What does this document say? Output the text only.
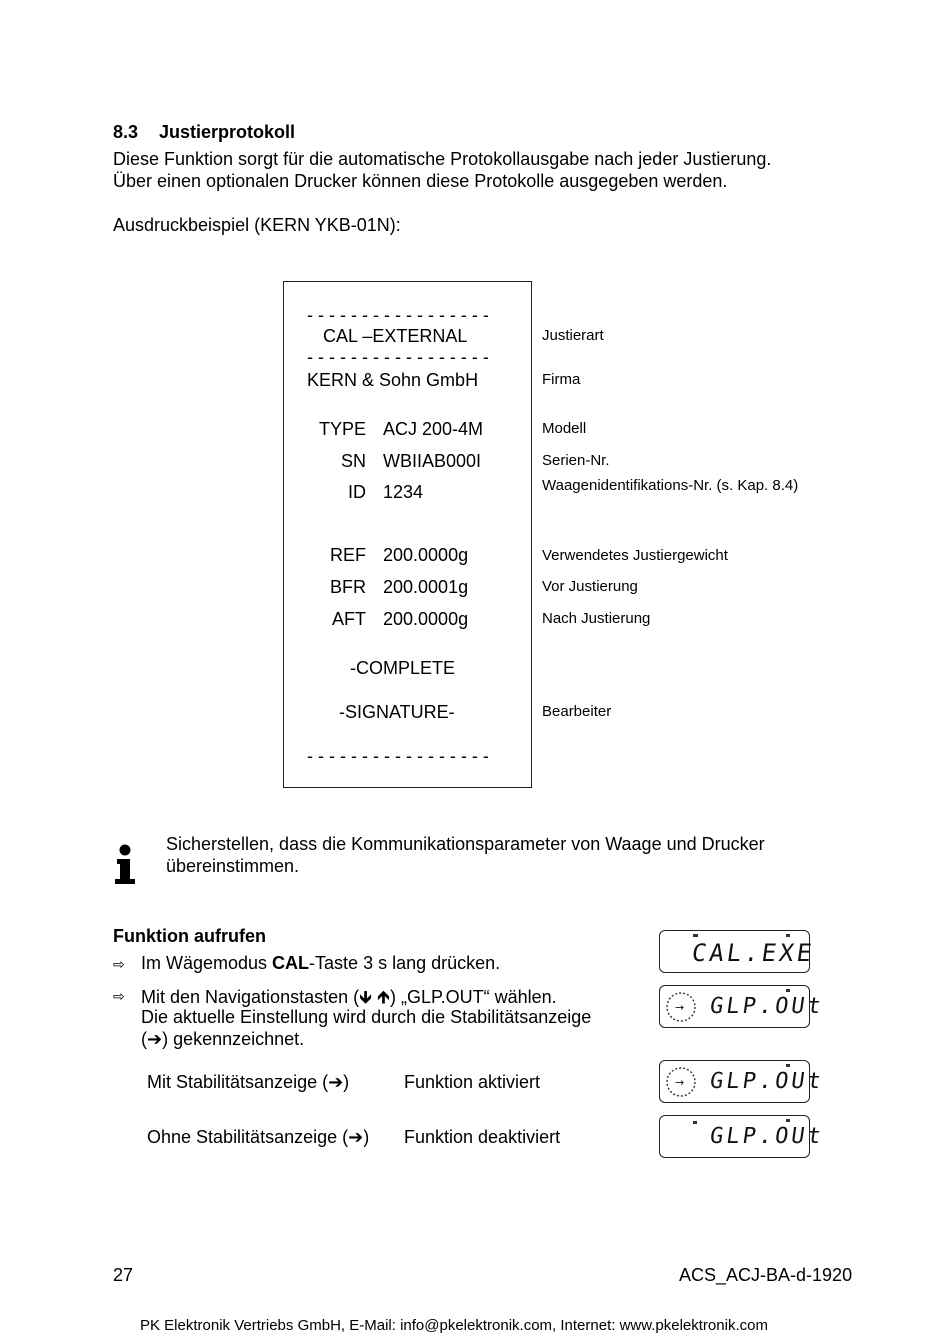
8.3 Justierprotokoll
Diese Funktion sorgt für die automatische Protokollausgabe nach jeder Justierung.
Über einen optionalen Drucker können diese Protokolle ausgegeben werden.
Ausdruckbeispiel (KERN YKB-01N):
- - - - - - - - - - - - - - - - -
CAL –EXTERNAL
- - - - - - - - - - - - - - - - -
KERN & Sohn GmbH
TYPE ACJ 200-4M
SN WBIIAB000I
ID 1234
REF 200.0000g
BFR 200.0001g
AFT 200.0000g
-COMPLETE
-SIGNATURE-
- - - - - - - - - - - - - - - - -
Justierart
Firma
Modell
Serien-Nr.
Waagenidentifikations-Nr. (s. Kap. 8.4)
Verwendetes Justiergewicht
Vor Justierung
Nach Justierung
Bearbeiter
Sicherstellen, dass die Kommunikationsparameter von Waage und Drucker
übereinstimmen.
Funktion aufrufen
⇨ Im Wägemodus CAL-Taste 3 s lang drücken.
⇨ Mit den Navigationstasten (🡻 🡹) „GLP.OUT“ wählen.
Die aktuelle Einstellung wird durch die Stabilitätsanzeige
(➔) gekennzeichnet.
Mit Stabilitätsanzeige (➔)	Funktion aktiviert
Ohne Stabilitätsanzeige (➔) Funktion deaktiviert
CAL.EXE
→ GLP.OUt
→ GLP.OUt
GLP.OUt
27	ACS_ACJ-BA-d-1920
PK Elektronik Vertriebs GmbH, E-Mail: info@pkelektronik.com, Internet: www.pkelektronik.com
